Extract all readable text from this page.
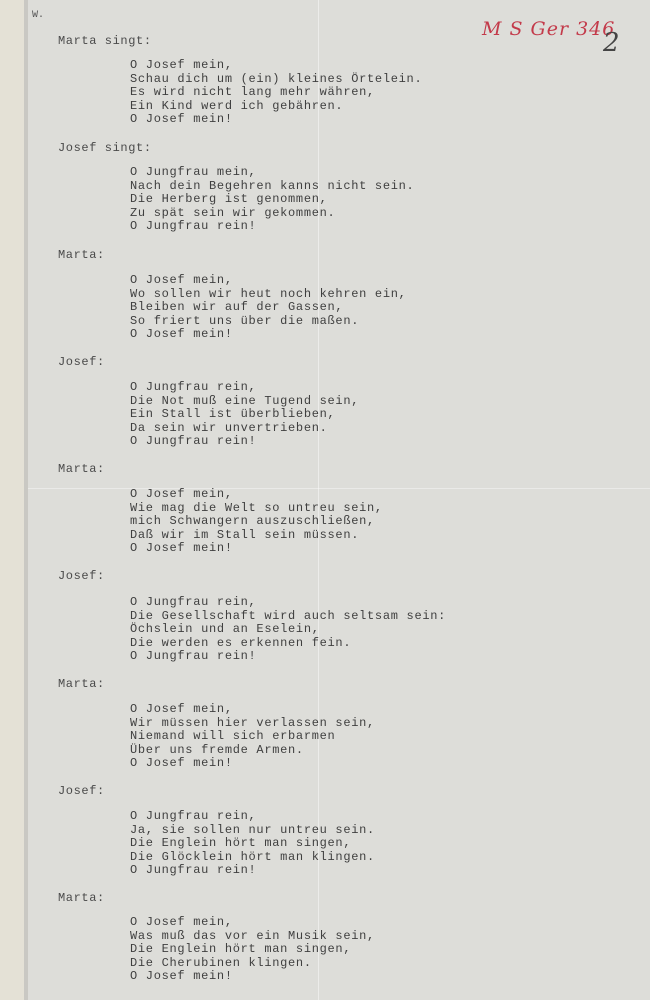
W.
M S Ger 346
2
Marta singt:
O Josef mein,
Schau dich um (ein) kleines Örtelein.
Es wird nicht lang mehr währen,
Ein Kind werd ich gebähren.
O Josef mein!
Josef singt:
O Jungfrau mein,
Nach dein Begehren kanns nicht sein.
Die Herberg ist genommen,
Zu spät sein wir gekommen.
O Jungfrau rein!
Marta:
O Josef mein,
Wo sollen wir heut noch kehren ein,
Bleiben wir auf der Gassen,
So friert uns über die maßen.
O Josef mein!
Josef:
O Jungfrau rein,
Die Not muß eine Tugend sein,
Ein Stall ist überblieben,
Da sein wir unvertrieben.
O Jungfrau rein!
Marta:
O Josef mein,
Wie mag die Welt so untreu sein,
mich Schwangern auszuschließen,
Daß wir im Stall sein müssen.
O Josef mein!
Josef:
O Jungfrau rein,
Die Gesellschaft wird auch seltsam sein:
Öchslein und an Eselein,
Die werden es erkennen fein.
O Jungfrau rein!
Marta:
O Josef mein,
Wir müssen hier verlassen sein,
Niemand will sich erbarmen
Über uns fremde Armen.
O Josef mein!
Josef:
O Jungfrau rein,
Ja, sie sollen nur untreu sein.
Die Englein hört man singen,
Die Glöcklein hört man klingen.
O Jungfrau rein!
Marta:
O Josef mein,
Was muß das vor ein Musik sein,
Die Englein hört man singen,
Die Cherubinen klingen.
O Josef mein!
